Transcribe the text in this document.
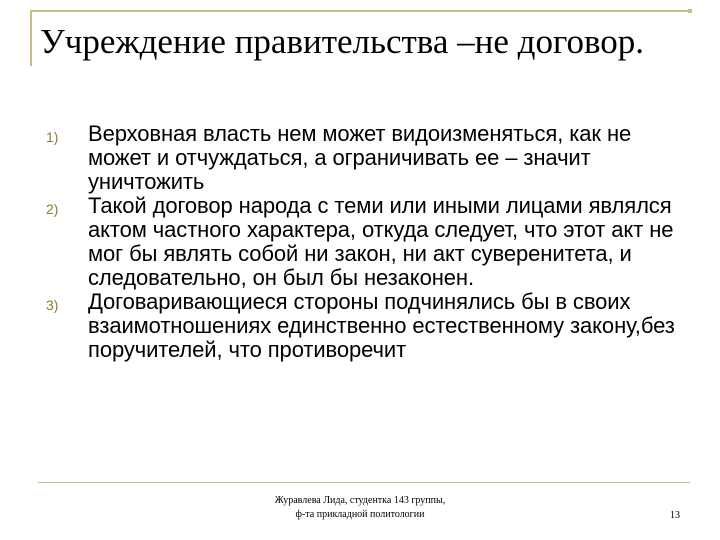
Учреждение правительства –не договор.
1)	Верховная власть нем может видоизменяться, как не может и отчуждаться, а ограничивать ее – значит уничтожить
2)	Такой договор народа с теми или иными лицами являлся актом частного характера, откуда следует, что этот акт не мог бы являть собой ни закон, ни акт суверенитета, и следовательно, он был бы незаконен.
3)	Договаривающиеся стороны подчинялись бы в своих взаимотношениях единственно естественному закону,без поручителей, что противоречит
Журавлева Лида, студентка 143 группы,
ф-та прикладной политологии	13
